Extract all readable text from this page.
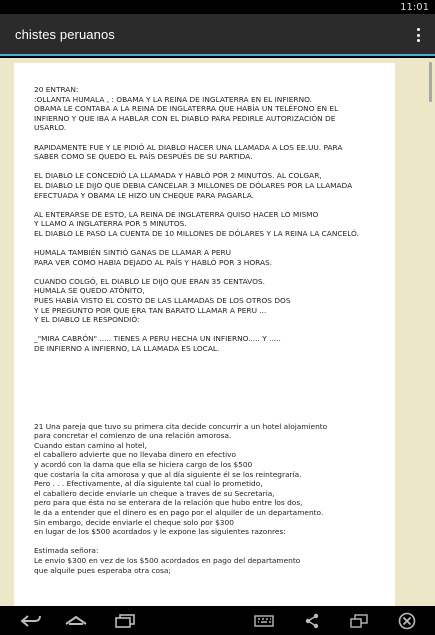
11:01
chistes peruanos
20 ENTRAN:
:OLLANTA HUMALA , : OBAMA Y LA REINA DE INGLATERRA EN EL INFIERNO.
OBAMA LE CONTABA A LA REINA DE INGLATERRA QUE HABÍA UN TELÉFONO EN EL
INFIERNO Y QUE IBA A HABLAR CON EL DIABLO PARA PEDIRLE AUTORIZACIÓN DE
USARLO.
RAPIDAMENTE FUE Y LE PIDIÓ AL DIABLO HACER UNA LLAMADA A LOS EE.UU. PARA
SABER COMO SE QUEDO EL PAÍS DESPUÉS DE SU PARTIDA.
EL DIABLO LE CONCEDIÓ LA LLAMADA Y HABLÓ POR 2 MINUTOS. AL COLGAR,
EL DIABLO LE DIJO QUE DEBIA CANCELAR 3 MILLONES DE DÓLARES POR LA LLAMADA
EFECTUADA Y OBAMA LE HIZO UN CHEQUE PARA PAGARLA.
AL ENTERARSE DE ESTO, LA REINA DE INGLATERRA QUISO HACER LO MISMO
Y LLAMO A INGLATERRA POR 5 MINUTOS.
EL DIABLO LE PASO LA CUENTA DE 10 MILLONES DE DÓLARES Y LA REINA LA CANCELÓ.
HUMALA TAMBIÉN SINTIÓ GANAS DE LLAMAR A PERU
PARA VER COMO HABIA DEJADO AL PAÍS Y HABLÓ POR 3 HORAS.
CUANDO COLGÓ, EL DIABLO LE DIJO QUE ERAN 35 CENTAVOS.
HUMALA SE QUEDO ATÓNITO,
PUES HABÍA VISTO EL COSTO DE LAS LLAMADAS DE LOS OTROS DOS
Y LE PREGUNTO POR QUE ERA TAN BARATO LLAMAR A PERU ...
Y EL DIABLO LE RESPONDIÓ:
_"MIRA CABRÓN" ..... TIENES A PERU HECHA UN INFIERNO..... Y .....
DE INFIERNO A INFIERNO, LA LLAMADA ES LOCAL.
21 Una pareja que tuvo su primera cita decide concurrir a un hotel alojamiento
para concretar el comienzo de una relación amorosa.
Cuando estan camino al hotel,
el caballero advierte que no llevaba dinero en efectivo
y acordó con la dama que ella se hiciera cargo de los $500
que costaría la cita amorosa y que al día siguiente él se los reintegraría.
Pero . . . Efectivamente, al día siguiente tal cual lo prometido,
el caballero decide enviarle un cheque a traves de su Secretaria,
pero para que ésta no se enterara de la relación que hubo entre los dos,
le da a entender que el dinero es en pago por el alquiler de un departamento.
Sin embargo, decide enviarle el cheque solo por $300
en lugar de los $500 acordados y le expone las siguientes razonres:
Estimada señora:
Le envio $300 en vez de los $500 acordados en pago del departamento
que alquile pues esperaba otra cosa;
